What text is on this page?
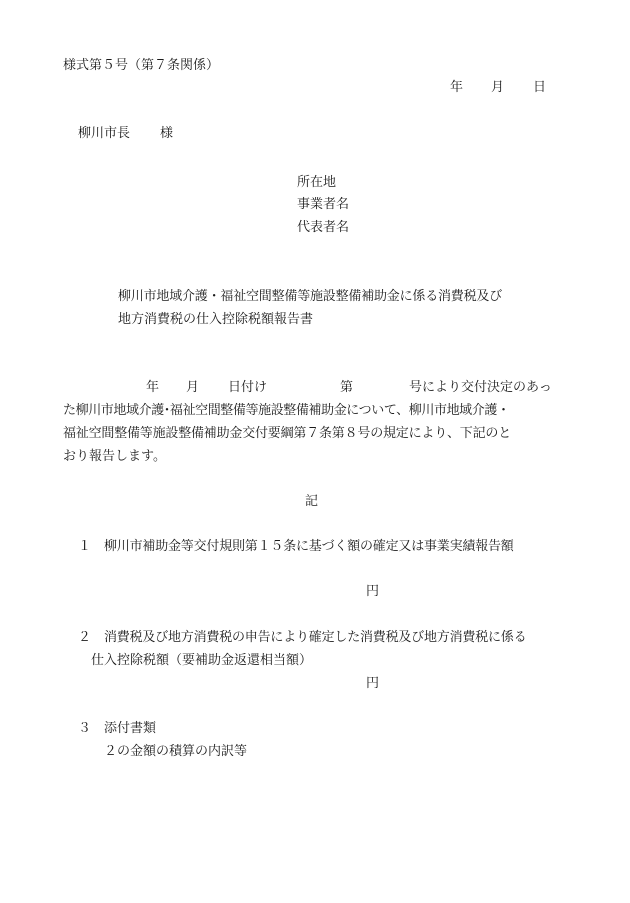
様式第５号（第７条関係）
年 月 日
柳川市長 様
所在地
事業者名
代表者名
柳川市地域介護・福祉空間整備等施設整備補助金に係る消費税及び
地方消費税の仕入控除税額報告書
年 月 日付け	第	号により交付決定のあっ
た柳川市地域介護･福祉空間整備等施設整備補助金について、柳川市地域介護・
福祉空間整備等施設整備補助金交付要綱第７条第８号の規定により、下記のと
おり報告します。
記
１ 柳川市補助金等交付規則第１５条に基づく額の確定又は事業実績報告額
円
２ 消費税及び地方消費税の申告により確定した消費税及び地方消費税に係る
仕入控除税額（要補助金返還相当額）
円
３ 添付書類
２の金額の積算の内訳等
